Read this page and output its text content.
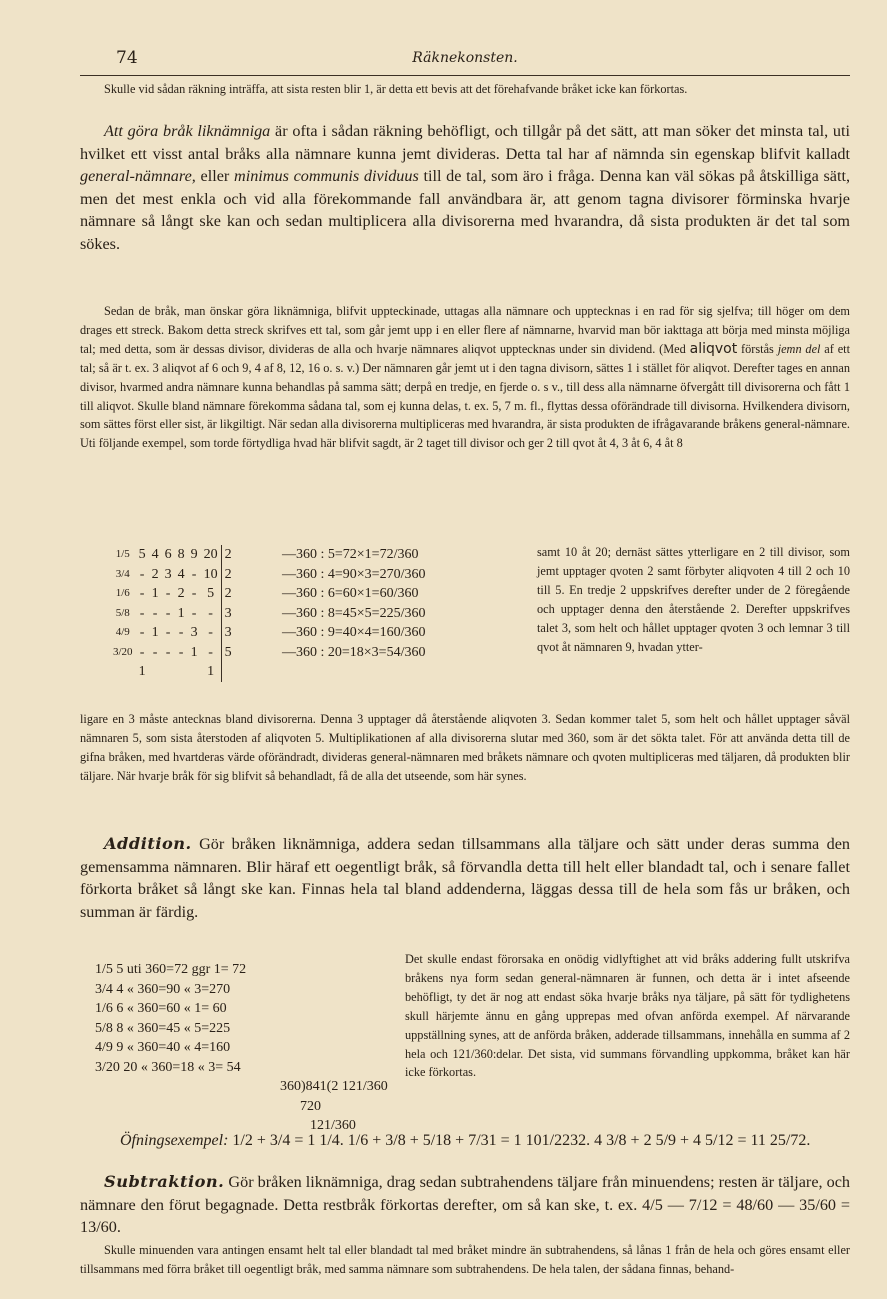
74	Räknekonsten.

Skulle vid sådan räkning inträffa, att sista resten blir 1, är detta ett bevis att det förehafvande bråket icke kan förkortas.

Att göra bråk liknämniga är ofta i sådan räkning behöfligt, och tillgår på det sätt, att man söker det minsta tal, uti hvilket ett visst antal bråks alla nämnare kunna jemt divideras. Detta tal har af nämnda sin egenskap blifvit kalladt general-nämnare, eller minimus communis dividuus till de tal, som äro i fråga. Denna kan väl sökas på åtskilliga sätt, men det mest enkla och vid alla förekommande fall användbara är, att genom tagna divisorer förminska hvarje nämnare så långt ske kan och sedan multiplicera alla divisorerna med hvarandra, då sista produkten är det tal som sökes.

Sedan de bråk, man önskar göra liknämniga, blifvit uppteckinade, uttagas alla nämnare och upptecknas i en rad för sig sjelfva; till höger om dem drages ett streck. Bakom detta streck skrifves ett tal, som går jemt upp i en eller flere af nämnarne, hvarvid man bör iakttaga att börja med minsta möjliga tal; med detta, som är dessas divisor, divideras de alla och hvarje nämnares aliqvot upptecknas under sin dividend. (Med aliqvot förstås jemn del af ett tal; så är t. ex. 3 aliqvot af 6 och 9, 4 af 8, 12, 16 o. s. v.) Der nämnaren går jemt ut i den tagna divisorn, sättes 1 i stället för aliqvot. Derefter tages en annan divisor, hvarmed andra nämnare kunna behandlas på samma sätt; derpå en tredje, en fjerde o. s v., till dess alla nämnarne öfvergått till divisorerna och fått 1 till aliqvot. Skulle bland nämnare förekomma sådana tal, som ej kunna delas, t. ex. 5, 7 m. fl., flyttas dessa oförändrade till divisorna. Hvilkendera divisorn, som sättes först eller sist, är likgiltigt. När sedan alla divisorerna multipliceras med hvarandra, är sista produkten de ifrågavarande bråkens general-nämnare. Uti följande exempel, som torde förtydliga hvad här blifvit sagdt, är 2 taget till divisor och ger 2 till qvot åt 4, 3 åt 6, 4 åt 8

1/5	5	4	6	8	9	20	2
3/4	-	2	3	4	-	10	2
1/6	-	1	-	2	-	5	2
5/8	-	-	-	1	-	-	3
4/9	-	1	-	-	3	-	3
3/20	-	-	-	-	1	-	5
	1					1	
—360 : 5=72×1=72/360
—360 : 4=90×3=270/360
—360 : 6=60×1=60/360
—360 : 8=45×5=225/360
—360 : 9=40×4=160/360
—360 : 20=18×3=54/360
samt 10 åt 20; dernäst sättes ytterligare en 2 till divisor, som jemt upptager qvoten 2 samt förbyter aliqvoten 4 till 2 och 10 till 5. En tredje 2 uppskrifves derefter under de 2 föregående och upptager denna den återstående 2. Derefter uppskrifves talet 3, som helt och hållet upptager qvoten 3 och lemnar 3 till qvot åt nämnaren 9, hvadan ytter-

ligare en 3 måste antecknas bland divisorerna. Denna 3 upptager då återstående aliqvoten 3. Sedan kommer talet 5, som helt och hållet upptager såväl nämnaren 5, som sista återstoden af aliqvoten 5. Multiplikationen af alla divisorerna slutar med 360, som är det sökta talet. För att använda detta till de gifna bråken, med hvartderas värde oförändradt, divideras general-nämnaren med bråkets nämnare och qvoten multipliceras med täljaren, då produkten blir täljare. När hvarje bråk för sig blifvit så behandladt, få de alla det utseende, som här synes.

Addition. Gör bråken liknämniga, addera sedan tillsammans alla täljare och sätt under deras summa den gemensamma nämnaren. Blir häraf ett oegentligt bråk, så förvandla detta till helt eller blandadt tal, och i senare fallet förkorta bråket så långt ske kan. Finnas hela tal bland addenderna, läggas dessa till de hela som fås ur bråken, och summan är färdig.

1/5 5 uti 360=72 ggr 1= 72
3/4 4 « 360=90 « 3=270
1/6 6 « 360=60 « 1= 60
5/8 8 « 360=45 « 5=225
4/9 9 « 360=40 « 4=160
3/20 20 « 360=18 « 3= 54
360)841(2 121/360
720
121/360
Det skulle endast förorsaka en onödig vidlyftighet att vid bråks addering fullt utskrifva bråkens nya form sedan general-nämnaren är funnen, och detta är i intet afseende behöfligt, ty det är nog att endast söka hvarje bråks nya täljare, på sätt för tydlighetens skull härjemte ännu en gång upprepas med ofvan anförda exempel. Af närvarande uppställning synes, att de anförda bråken, adderade tillsammans, innehålla en summa af 2 hela och 121/360:delar. Det sista, vid summans förvandling uppkomma, bråket kan här icke förkortas.
Öfningsexempel: 1/2 + 3/4 = 1 1/4. 1/6 + 3/8 + 5/18 + 7/31 = 1 101/2232. 4 3/8 + 2 5/9 + 4 5/12 = 11 25/72.

Subtraktion. Gör bråken liknämniga, drag sedan subtrahendens täljare från minuendens; resten är täljare, och nämnare den förut begagnade. Detta restbråk förkortas derefter, om så kan ske, t. ex. 4/5 — 7/12 = 48/60 — 35/60 = 13/60.

Skulle minuenden vara antingen ensamt helt tal eller blandadt tal med bråket mindre än subtrahendens, så lånas 1 från de hela och göres ensamt eller tillsammans med förra bråket till oegentligt bråk, med samma nämnare som subtrahendens. De hela talen, der sådana finnas, behand-
